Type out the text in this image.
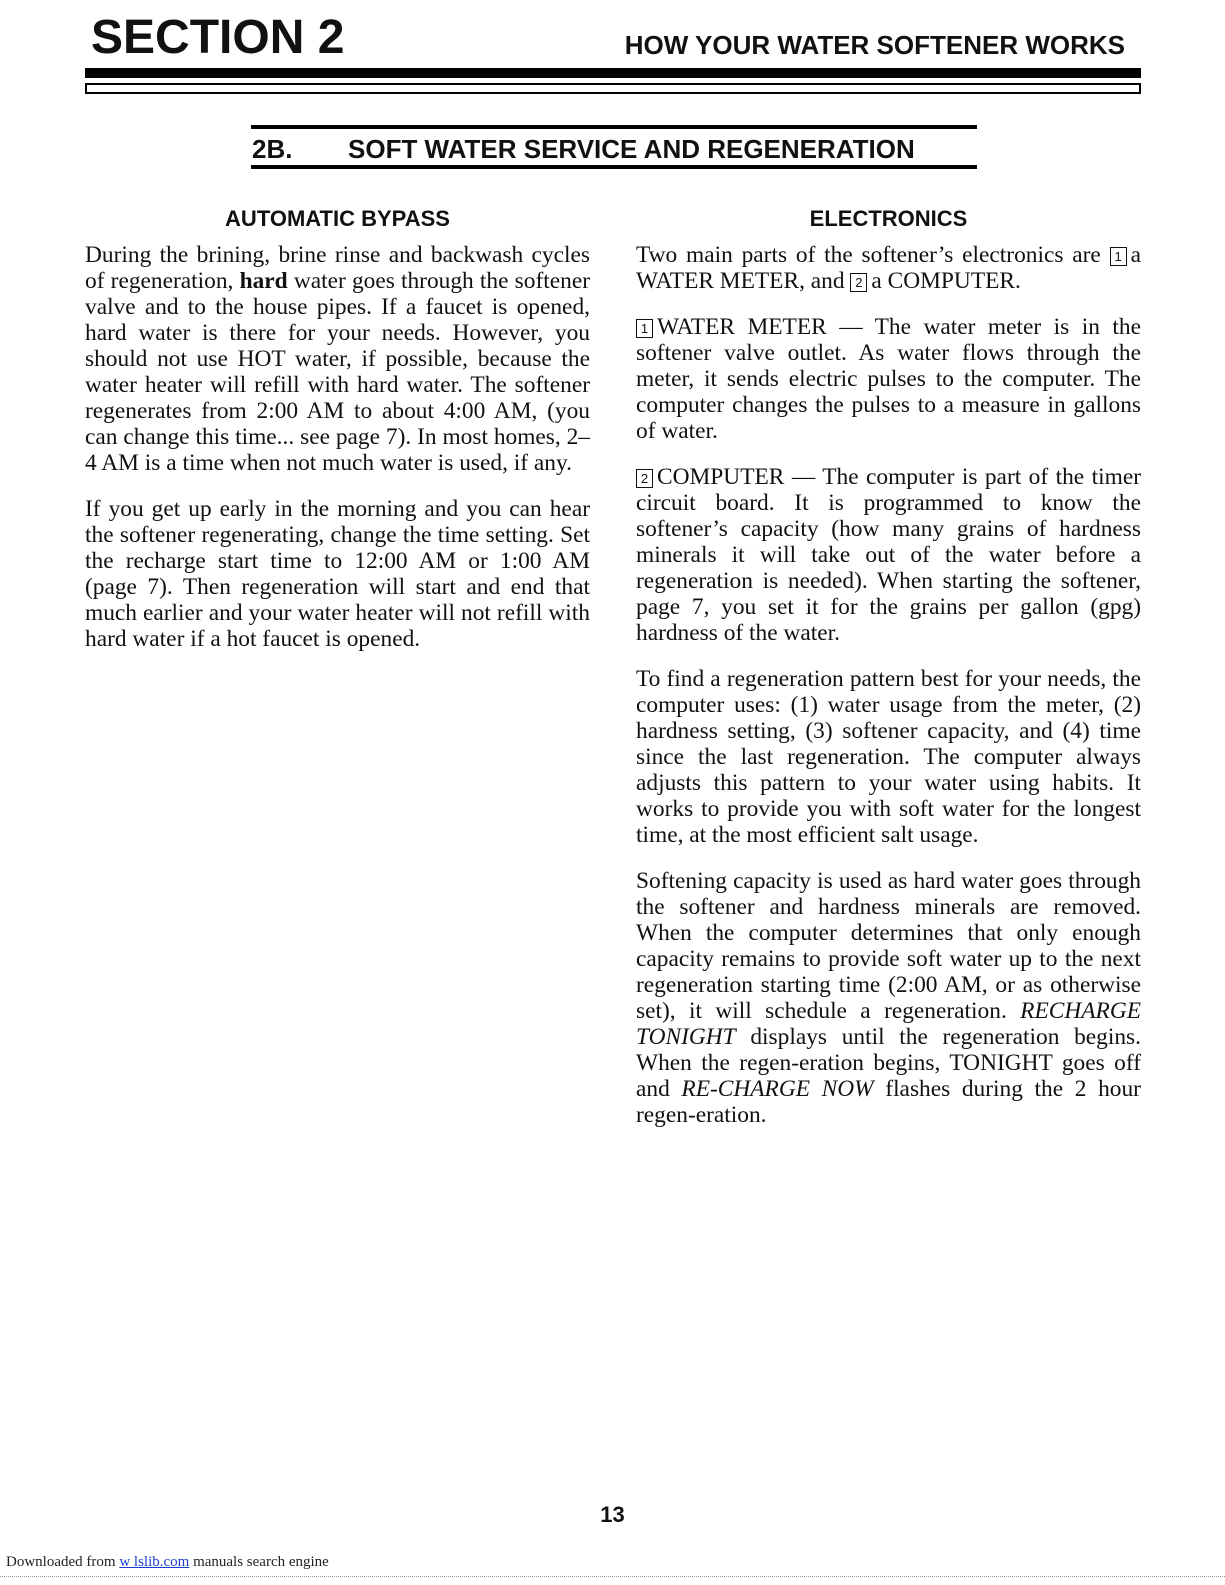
SECTION 2	HOW YOUR WATER SOFTENER WORKS
2B. SOFT WATER SERVICE AND REGENERATION
AUTOMATIC BYPASS

During the brining, brine rinse and backwash cycles of regeneration, hard water goes through the softener valve and to the house pipes. If a faucet is opened, hard water is there for your needs. However, you should not use HOT water, if possible, because the water heater will refill with hard water. The softener regenerates from 2:00 AM to about 4:00 AM, (you can change this time... see page 7). In most homes, 2–4 AM is a time when not much water is used, if any.

If you get up early in the morning and you can hear the softener regenerating, change the time setting. Set the recharge start time to 12:00 AM or 1:00 AM (page 7). Then regeneration will start and end that much earlier and your water heater will not refill with hard water if a hot faucet is opened.

ELECTRONICS

Two main parts of the softener’s electronics are 1 a WATER METER, and 2 a COMPUTER.

1 WATER METER — The water meter is in the softener valve outlet. As water flows through the meter, it sends electric pulses to the computer. The computer changes the pulses to a measure in gallons of water.

2 COMPUTER — The computer is part of the timer circuit board. It is programmed to know the softener’s capacity (how many grains of hardness minerals it will take out of the water before a regeneration is needed). When starting the softener, page 7, you set it for the grains per gallon (gpg) hardness of the water.

To find a regeneration pattern best for your needs, the computer uses: (1) water usage from the meter, (2) hardness setting, (3) softener capacity, and (4) time since the last regeneration. The computer always adjusts this pattern to your water using habits. It works to provide you with soft water for the longest time, at the most efficient salt usage.

Softening capacity is used as hard water goes through the softener and hardness minerals are removed. When the computer determines that only enough capacity remains to provide soft water up to the next regeneration starting time (2:00 AM, or as otherwise set), it will schedule a regeneration. RECHARGE TONIGHT displays until the regeneration begins. When the regen-eration begins, TONIGHT goes off and RE-CHARGE NOW flashes during the 2 hour regen-eration.

13
Downloaded from w lslib.com manuals search engine
